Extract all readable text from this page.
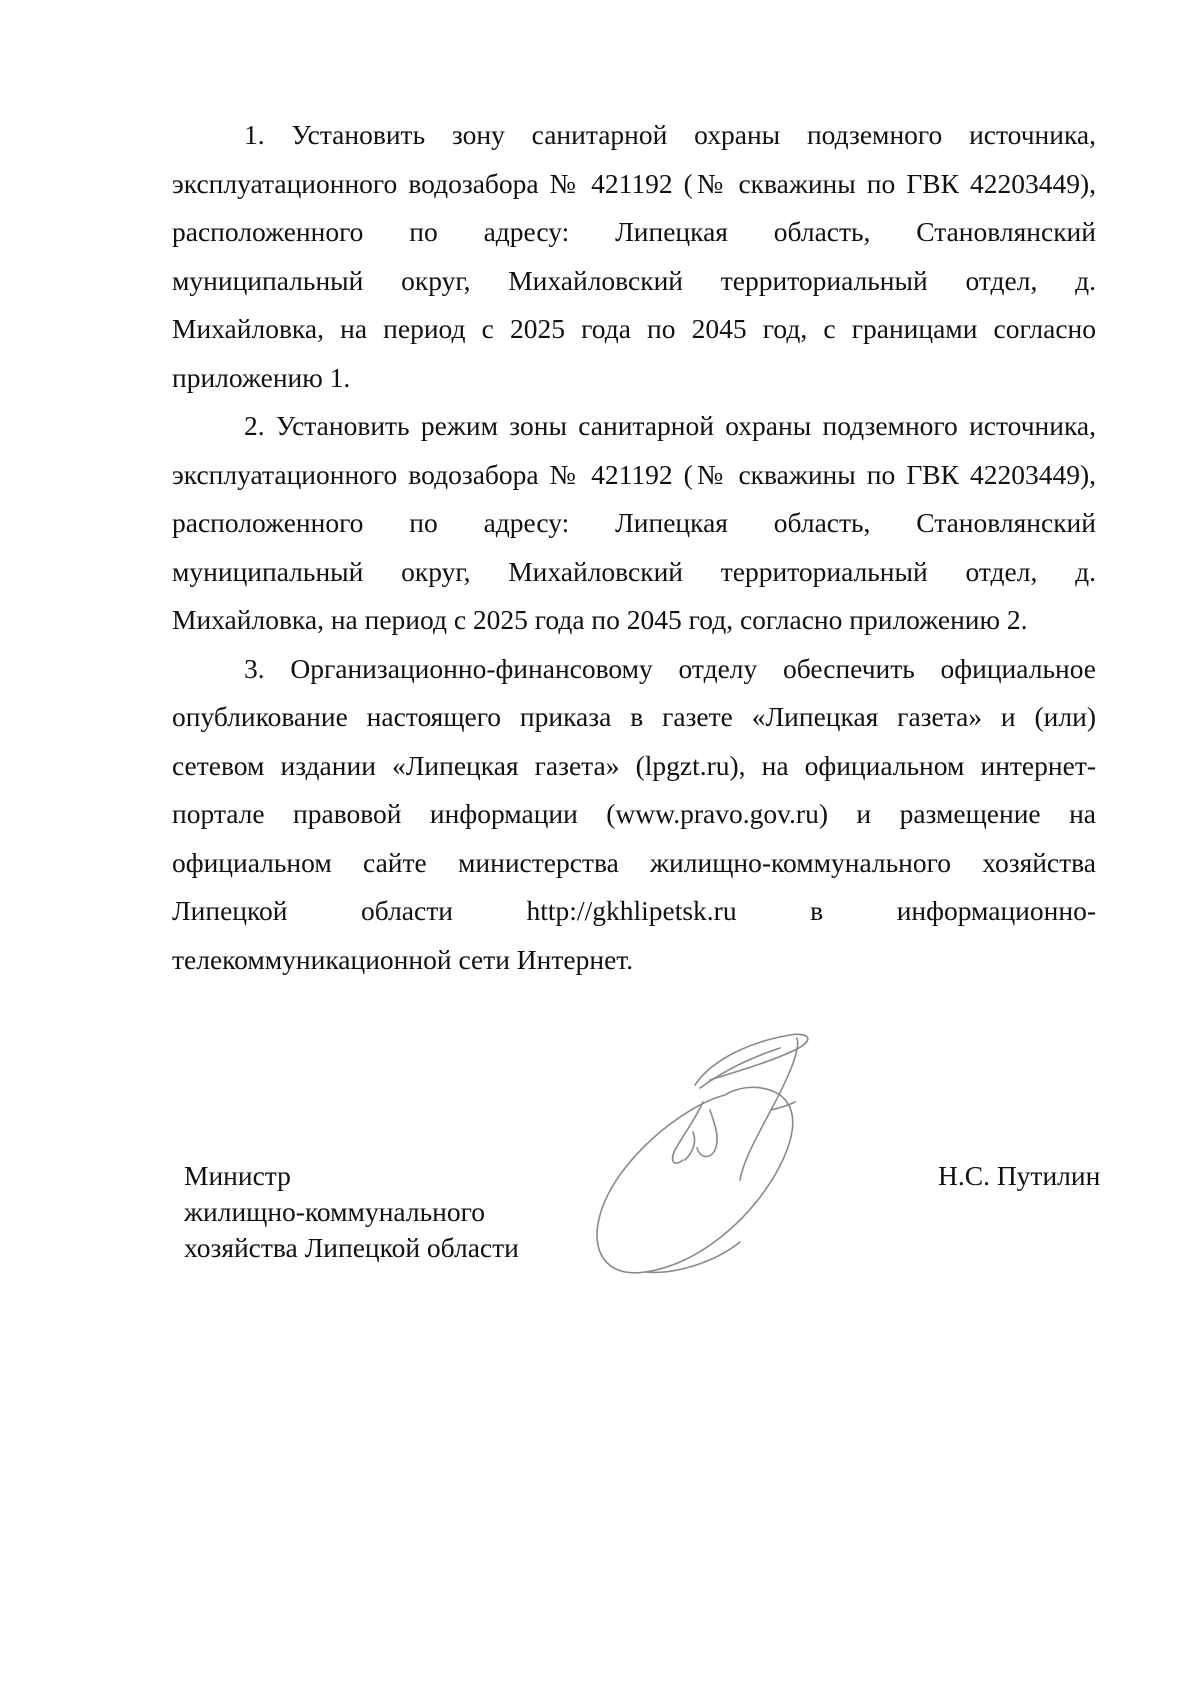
1. Установить зону санитарной охраны подземного источника, эксплуатационного водозабора № 421192 (№ скважины по ГВК 42203449), расположенного по адресу: Липецкая область, Становлянский муниципальный округ, Михайловский территориальный отдел, д. Михайловка, на период с 2025 года по 2045 год, с границами согласно приложению 1.

2. Установить режим зоны санитарной охраны подземного источника, эксплуатационного водозабора № 421192 (№ скважины по ГВК 42203449), расположенного по адресу: Липецкая область, Становлянский муниципальный округ, Михайловский территориальный отдел, д. Михайловка, на период с 2025 года по 2045 год, согласно приложению 2.

3. Организационно-финансовому отделу обеспечить официальное опубликование настоящего приказа в газете «Липецкая газета» и (или) сетевом издании «Липецкая газета» (lpgzt.ru), на официальном интернет-портале правовой информации (www.pravo.gov.ru) и размещение на официальном сайте министерства жилищно-коммунального хозяйства Липецкой области http://gkhlipetsk.ru в информационно-телекоммуникационной сети Интернет.

Министр
жилищно-коммунального
хозяйства Липецкой области
Н.С. Путилин
